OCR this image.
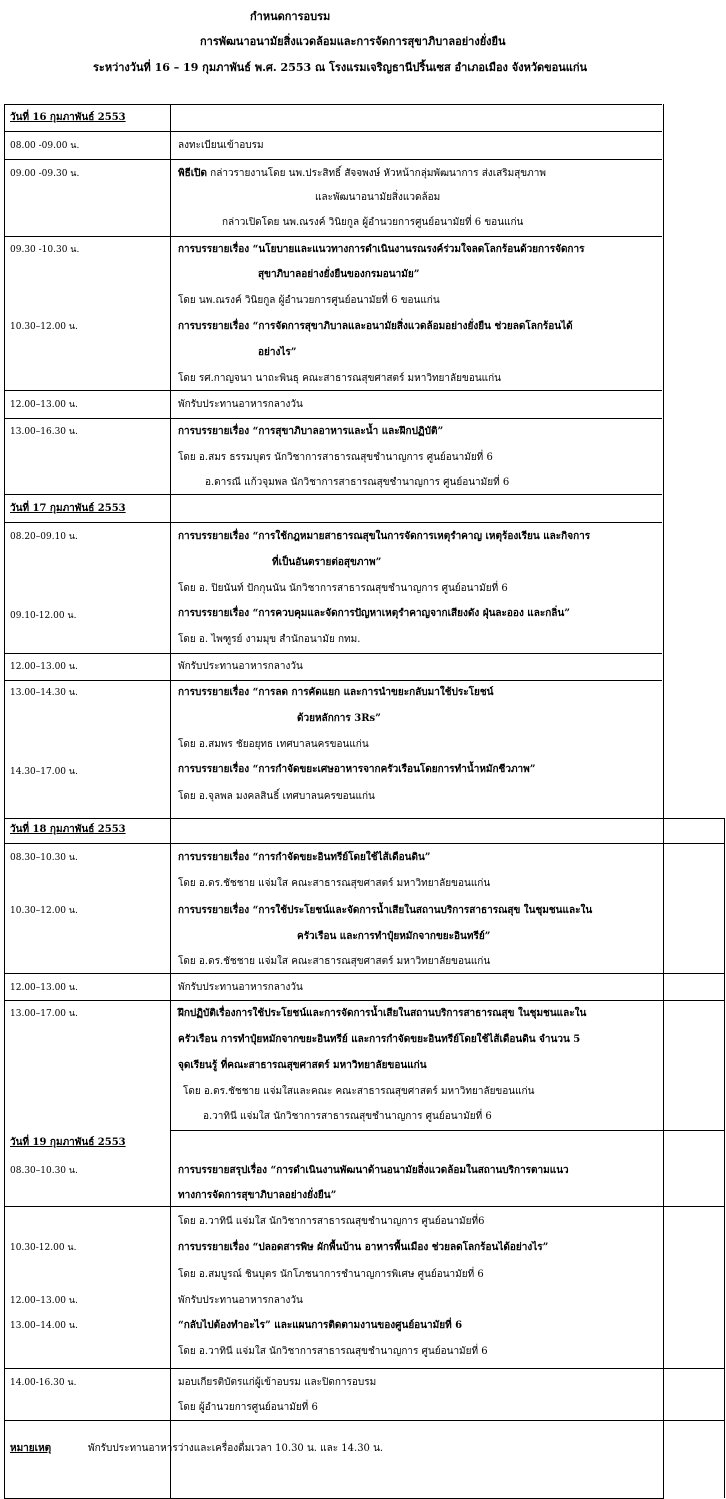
กำหนดการอบรม
การพัฒนาอนามัยสิ่งแวดล้อมและการจัดการสุขาภิบาลอย่างยั่งยืน
ระหว่างวันที่ 16 – 19 กุมภาพันธ์ พ.ศ. 2553 ณ โรงแรมเจริญธานีปริ้นเซส อำเภอเมือง จังหวัดขอนแก่น
วันที่ 16 กุมภาพันธ์ 2553
08.00 -09.00 น.	ลงทะเบียนเข้าอบรม
09.00 -09.30 น.	พิธีเปิด กล่าวรายงานโดย นพ.ประสิทธิ์ สัจจพงษ์ หัวหน้ากลุ่มพัฒนาการ ส่งเสริมสุขภาพ
และพัฒนาอนามัยสิ่งแวดล้อม
กล่าวเปิดโดย นพ.ณรงค์ วินิยกูล ผู้อำนวยการศูนย์อนามัยที่ 6 ขอนแก่น
09.30 -10.30 น.	การบรรยายเรื่อง “นโยบายและแนวทางการดำเนินงานรณรงค์ร่วมใจลดโลกร้อนด้วยการจัดการ
สุขาภิบาลอย่างยั่งยืนของกรมอนามัย”
โดย นพ.ณรงค์ วินิยกูล ผู้อำนวยการศูนย์อนามัยที่ 6 ขอนแก่น
10.30–12.00 น.	การบรรยายเรื่อง “การจัดการสุขาภิบาลและอนามัยสิ่งแวดล้อมอย่างยั่งยืน ช่วยลดโลกร้อนได้
อย่างไร”
โดย รศ.กาญจนา นาถะพินธุ คณะสาธารณสุขศาสตร์ มหาวิทยาลัยขอนแก่น
12.00–13.00 น.	พักรับประทานอาหารกลางวัน
13.00–16.30 น.	การบรรยายเรื่อง “การสุขาภิบาลอาหารและน้ำ และฝึกปฏิบัติ”
โดย อ.สมร ธรรมบุตร นักวิชาการสาธารณสุขชำนาญการ ศูนย์อนามัยที่ 6
อ.ดารณี แก้วจุมพล นักวิชาการสาธารณสุขชำนาญการ ศูนย์อนามัยที่ 6
วันที่ 17 กุมภาพันธ์ 2553
08.20–09.10 น.	การบรรยายเรื่อง “การใช้กฎหมายสาธารณสุขในการจัดการเหตุรำคาญ เหตุร้องเรียน และกิจการ
ที่เป็นอันตรายต่อสุขภาพ”
โดย อ. ปิยนันท์ ปักกุนนัน นักวิชาการสาธารณสุขชำนาญการ ศูนย์อนามัยที่ 6
09.10-12.00 น.	การบรรยายเรื่อง “การควบคุมและจัดการปัญหาเหตุรำคาญจากเสียงดัง ฝุ่นละออง และกลิ่น”
โดย อ. ไพฑูรย์ งามมุข สำนักอนามัย กทม.
12.00–13.00 น.	พักรับประทานอาหารกลางวัน
13.00–14.30 น.	การบรรยายเรื่อง “การลด การคัดแยก และการนำขยะกลับมาใช้ประโยชน์
ด้วยหลักการ 3Rs”
โดย อ.สมพร ชัยอยุทธ เทศบาลนครขอนแก่น
14.30–17.00 น.	การบรรยายเรื่อง “การกำจัดขยะเศษอาหารจากครัวเรือนโดยการทำน้ำหมักชีวภาพ”
โดย อ.จุลพล มงคลสินธิ์ เทศบาลนครขอนแก่น
วันที่ 18 กุมภาพันธ์ 2553
08.30–10.30 น.	การบรรยายเรื่อง “การกำจัดขยะอินทรีย์โดยใช้ไส้เดือนดิน”
โดย อ.ดร.ชัชชาย แจ่มใส คณะสาธารณสุขศาสตร์ มหาวิทยาลัยขอนแก่น
10.30–12.00 น.	การบรรยายเรื่อง “การใช้ประโยชน์และจัดการน้ำเสียในสถานบริการสาธารณสุข ในชุมชนและใน
ครัวเรือน และการทำปุ๋ยหมักจากขยะอินทรีย์”
โดย อ.ดร.ชัชชาย แจ่มใส คณะสาธารณสุขศาสตร์ มหาวิทยาลัยขอนแก่น
12.00–13.00 น.	พักรับประทานอาหารกลางวัน
13.00–17.00 น.	ฝึกปฏิบัติเรื่องการใช้ประโยชน์และการจัดการน้ำเสียในสถานบริการสาธารณสุข ในชุมชนและใน
ครัวเรือน การทำปุ๋ยหมักจากขยะอินทรีย์ และการกำจัดขยะอินทรีย์โดยใช้ไส้เดือนดิน จำนวน 5
จุดเรียนรู้ ที่คณะสาธารณสุขศาสตร์ มหาวิทยาลัยขอนแก่น
โดย อ.ดร.ชัชชาย แจ่มใสและคณะ คณะสาธารณสุขศาสตร์ มหาวิทยาลัยขอนแก่น
อ.วาทินี แจ่มใส นักวิชาการสาธารณสุขชำนาญการ ศูนย์อนามัยที่ 6
วันที่ 19 กุมภาพันธ์ 2553
08.30–10.30 น.	การบรรยายสรุปเรื่อง “การดำเนินงานพัฒนาด้านอนามัยสิ่งแวดล้อมในสถานบริการตามแนว
ทางการจัดการสุขาภิบาลอย่างยั่งยืน”
โดย อ.วาทินี แจ่มใส นักวิชาการสาธารณสุขชำนาญการ ศูนย์อนามัยที่6
10.30-12.00 น.	การบรรยายเรื่อง “ปลอดสารพิษ ผักพื้นบ้าน อาหารพื้นเมือง ช่วยลดโลกร้อนได้อย่างไร”
โดย อ.สมบูรณ์ ชินบุตร นักโภชนาการชำนาญการพิเศษ ศูนย์อนามัยที่ 6
12.00–13.00 น.	พักรับประทานอาหารกลางวัน
13.00–14.00 น.	“กลับไปต้องทำอะไร” และแผนการติดตามงานของศูนย์อนามัยที่ 6
โดย อ.วาทินี แจ่มใส นักวิชาการสาธารณสุขชำนาญการ ศูนย์อนามัยที่ 6
14.00-16.30 น.	มอบเกียรติบัตรแก่ผู้เข้าอบรม และปิดการอบรม
โดย ผู้อำนวยการศูนย์อนามัยที่ 6
หมายเหตุ	พักรับประทานอาหารว่างและเครื่องดื่มเวลา 10.30 น. และ 14.30 น.
